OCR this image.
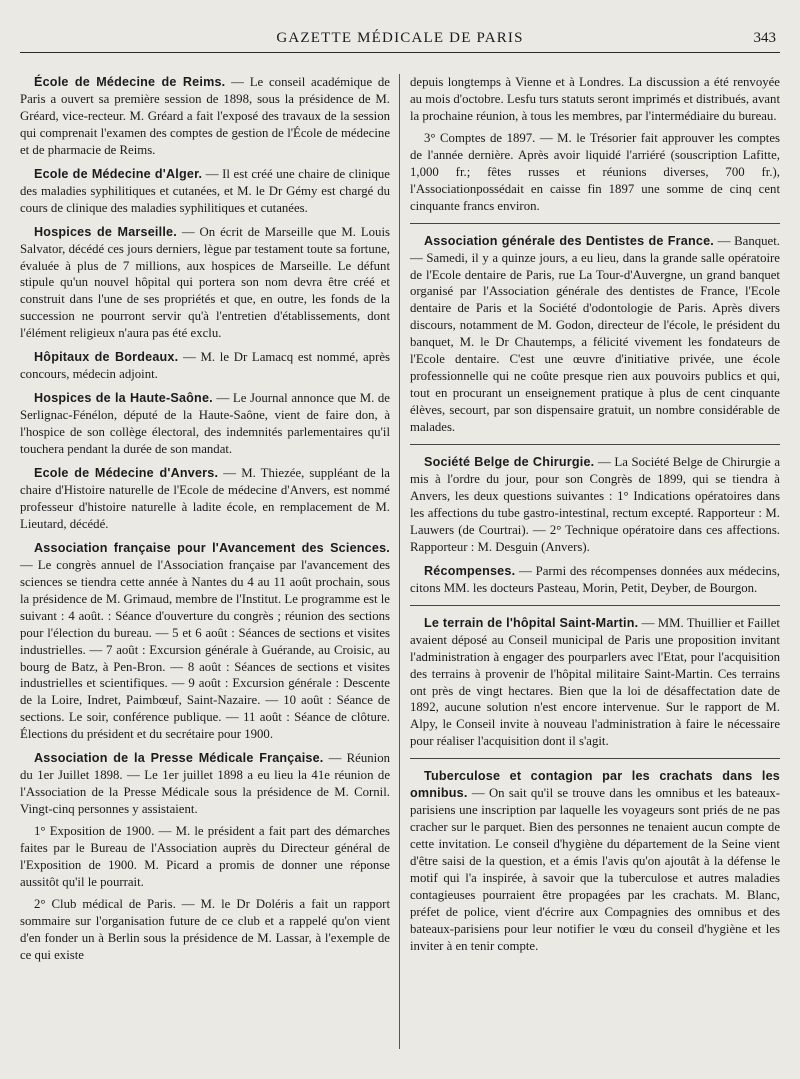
GAZETTE MÉDICALE DE PARIS	343

École de Médecine de Reims. — Le conseil académique de Paris a ouvert sa première session de 1898, sous la présidence de M. Gréard, vice-recteur. M. Gréard a fait l'exposé des travaux de la session qui comprenait l'examen des comptes de gestion de l'École de médecine et de pharmacie de Reims.

Ecole de Médecine d'Alger. — Il est créé une chaire de clinique des maladies syphilitiques et cutanées, et M. le Dr Gémy est chargé du cours de clinique des maladies syphilitiques et cutanées.

Hospices de Marseille. — On écrit de Marseille que M. Louis Salvator, décédé ces jours derniers, lègue par testament toute sa fortune, évaluée à plus de 7 millions, aux hospices de Marseille. Le défunt stipule qu'un nouvel hôpital qui portera son nom devra être créé et construit dans l'une de ses propriétés et que, en outre, les fonds de la succession ne pourront servir qu'à l'entretien d'établissements, dont l'élément religieux n'aura pas été exclu.

Hôpitaux de Bordeaux. — M. le Dr Lamacq est nommé, après concours, médecin adjoint.

Hospices de la Haute-Saône. — Le Journal annonce que M. de Serlignac-Fénélon, député de la Haute-Saône, vient de faire don, à l'hospice de son collège électoral, des indemnités parlementaires qu'il touchera pendant la durée de son mandat.

Ecole de Médecine d'Anvers. — M. Thiezée, suppléant de la chaire d'Histoire naturelle de l'Ecole de médecine d'Anvers, est nommé professeur d'histoire naturelle à ladite école, en remplacement de M. Lieutard, décédé.

Association française pour l'Avancement des Sciences. — Le congrès annuel de l'Association française par l'avancement des sciences se tiendra cette année à Nantes du 4 au 11 août prochain, sous la présidence de M. Grimaud, membre de l'Institut. Le programme est le suivant : 4 août. : Séance d'ouverture du congrès ; réunion des sections pour l'élection du bureau. — 5 et 6 août : Séances de sections et visites industrielles. — 7 août : Excursion générale à Guérande, au Croisic, au bourg de Batz, à Pen-Bron. — 8 août : Séances de sections et visites industrielles et scientifiques. — 9 août : Excursion générale : Descente de la Loire, Indret, Paimbœuf, Saint-Nazaire. — 10 août : Séance de sections. Le soir, conférence publique. — 11 août : Séance de clôture. Élections du président et du secrétaire pour 1900.

Association de la Presse Médicale Française. — Réunion du 1er Juillet 1898. — Le 1er juillet 1898 a eu lieu la 41e réunion de l'Association de la Presse Médicale sous la présidence de M. Cornil. Vingt-cinq personnes y assistaient.

1° Exposition de 1900. — M. le président a fait part des démarches faites par le Bureau de l'Association auprès du Directeur général de l'Exposition de 1900. M. Picard a promis de donner une réponse aussitôt qu'il le pourrait.

2° Club médical de Paris. — M. le Dr Doléris a fait un rapport sommaire sur l'organisation future de ce club et a rappelé qu'on vient d'en fonder un à Berlin sous la présidence de M. Lassar, à l'exemple de ce qui existe

depuis longtemps à Vienne et à Londres. La discussion a été renvoyée au mois d'octobre. Lesfu turs statuts seront imprimés et distribués, avant la prochaine réunion, à tous les membres, par l'intermédiaire du bureau.

3° Comptes de 1897. — M. le Trésorier fait approuver les comptes de l'année dernière. Après avoir liquidé l'arriéré (souscription Lafitte, 1,000 fr.; fêtes russes et réunions diverses, 700 fr.), l'Associationpossédait en caisse fin 1897 une somme de cinq cent cinquante francs environ.

Association générale des Dentistes de France. — Banquet. — Samedi, il y a quinze jours, a eu lieu, dans la grande salle opératoire de l'Ecole dentaire de Paris, rue La Tour-d'Auvergne, un grand banquet organisé par l'Association générale des dentistes de France, l'Ecole dentaire de Paris et la Société d'odontologie de Paris. Après divers discours, notamment de M. Godon, directeur de l'école, le président du banquet, M. le Dr Chautemps, a félicité vivement les fondateurs de l'Ecole dentaire. C'est une œuvre d'initiative privée, une école professionnelle qui ne coûte presque rien aux pouvoirs publics et qui, tout en procurant un enseignement pratique à plus de cent cinquante élèves, secourt, par son dispensaire gratuit, un nombre considérable de malades.

Société Belge de Chirurgie. — La Société Belge de Chirurgie a mis à l'ordre du jour, pour son Congrès de 1899, qui se tiendra à Anvers, les deux questions suivantes : 1° Indications opératoires dans les affections du tube gastro-intestinal, rectum excepté. Rapporteur : M. Lauwers (de Courtrai). — 2° Technique opératoire dans ces affections. Rapporteur : M. Desguin (Anvers).

Récompenses. — Parmi des récompenses données aux médecins, citons MM. les docteurs Pasteau, Morin, Petit, Deyber, de Bourgon.

Le terrain de l'hôpital Saint-Martin. — MM. Thuillier et Faillet avaient déposé au Conseil municipal de Paris une proposition invitant l'administration à engager des pourparlers avec l'Etat, pour l'acquisition des terrains à provenir de l'hôpital militaire Saint-Martin. Ces terrains ont près de vingt hectares. Bien que la loi de désaffectation date de 1892, aucune solution n'est encore intervenue. Sur le rapport de M. Alpy, le Conseil invite à nouveau l'administration à faire le nécessaire pour réaliser l'acquisition dont il s'agit.

Tuberculose et contagion par les crachats dans les omnibus. — On sait qu'il se trouve dans les omnibus et les bateaux-parisiens une inscription par laquelle les voyageurs sont priés de ne pas cracher sur le parquet. Bien des personnes ne tenaient aucun compte de cette invitation. Le conseil d'hygiène du département de la Seine vient d'être saisi de la question, et a émis l'avis qu'on ajoutât à la défense le motif qui l'a inspirée, à savoir que la tuberculose et autres maladies contagieuses pourraient être propagées par les crachats. M. Blanc, préfet de police, vient d'écrire aux Compagnies des omnibus et des bateaux-parisiens pour leur notifier le vœu du conseil d'hygiène et les inviter à en tenir compte.
